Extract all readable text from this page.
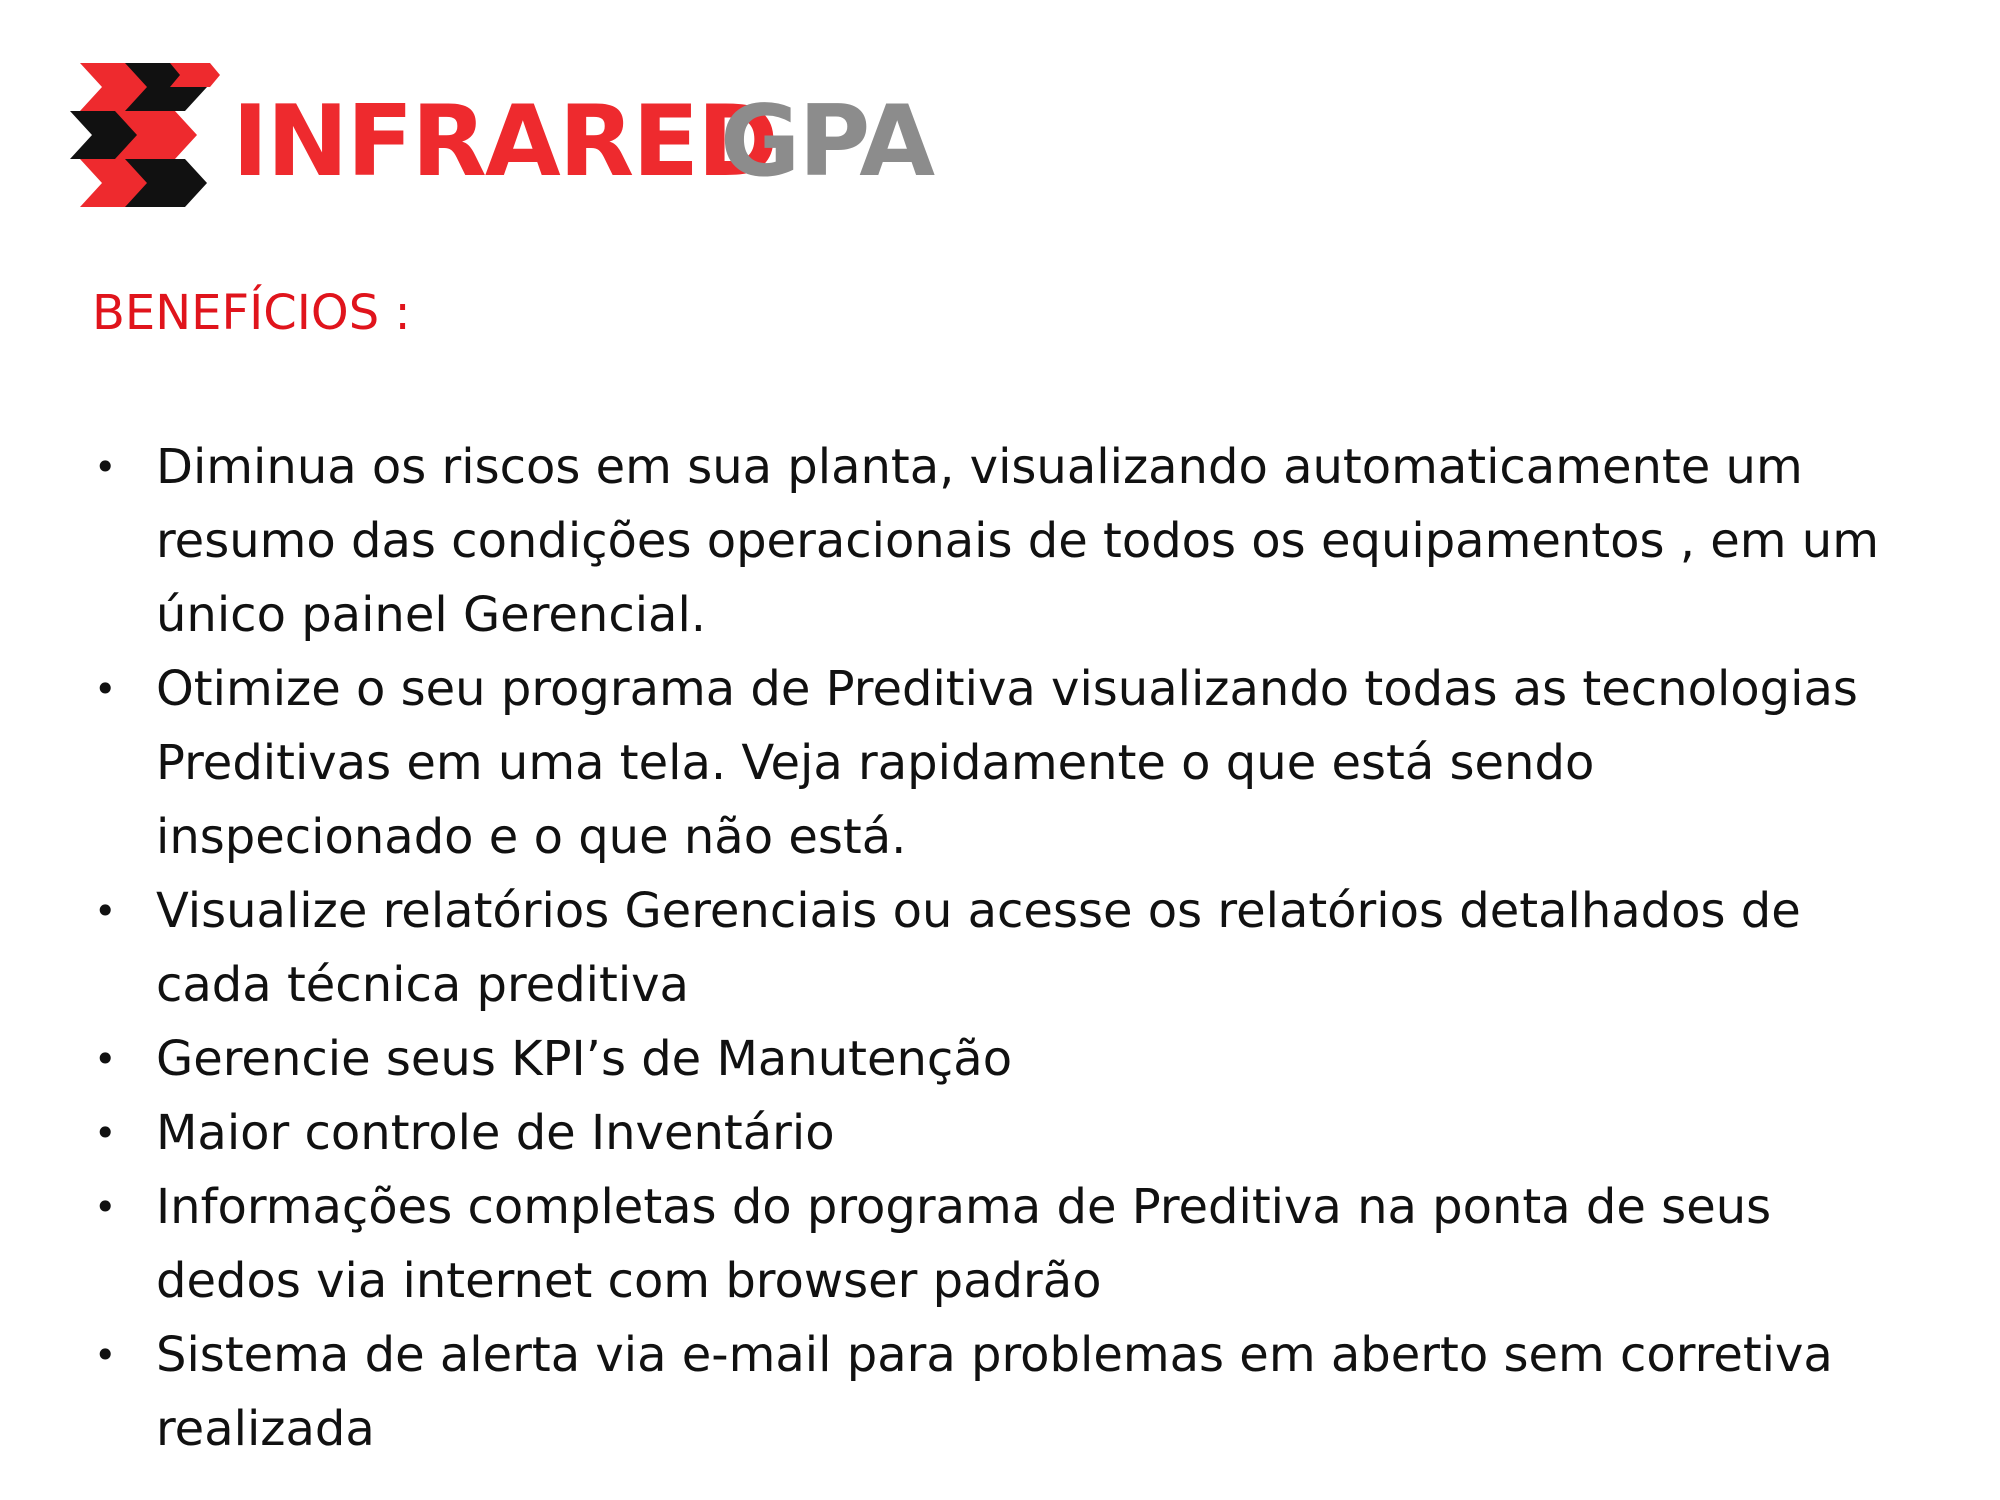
INFRARED
GPA
BENEFÍCIOS :
• Diminua os riscos em sua planta, visualizando automaticamente um
resumo das condições operacionais de todos os equipamentos , em um
único painel Gerencial.
• Otimize o seu programa de Preditiva visualizando todas as tecnologias
Preditivas em uma tela. Veja rapidamente o que está sendo
inspecionado e o que não está.
• Visualize relatórios Gerenciais ou acesse os relatórios detalhados de
cada técnica preditiva
• Gerencie seus KPI’s de Manutenção
• Maior controle de Inventário
• Informações completas do programa de Preditiva na ponta de seus
dedos via internet com browser padrão
• Sistema de alerta via e-mail para problemas em aberto sem corretiva
realizada
